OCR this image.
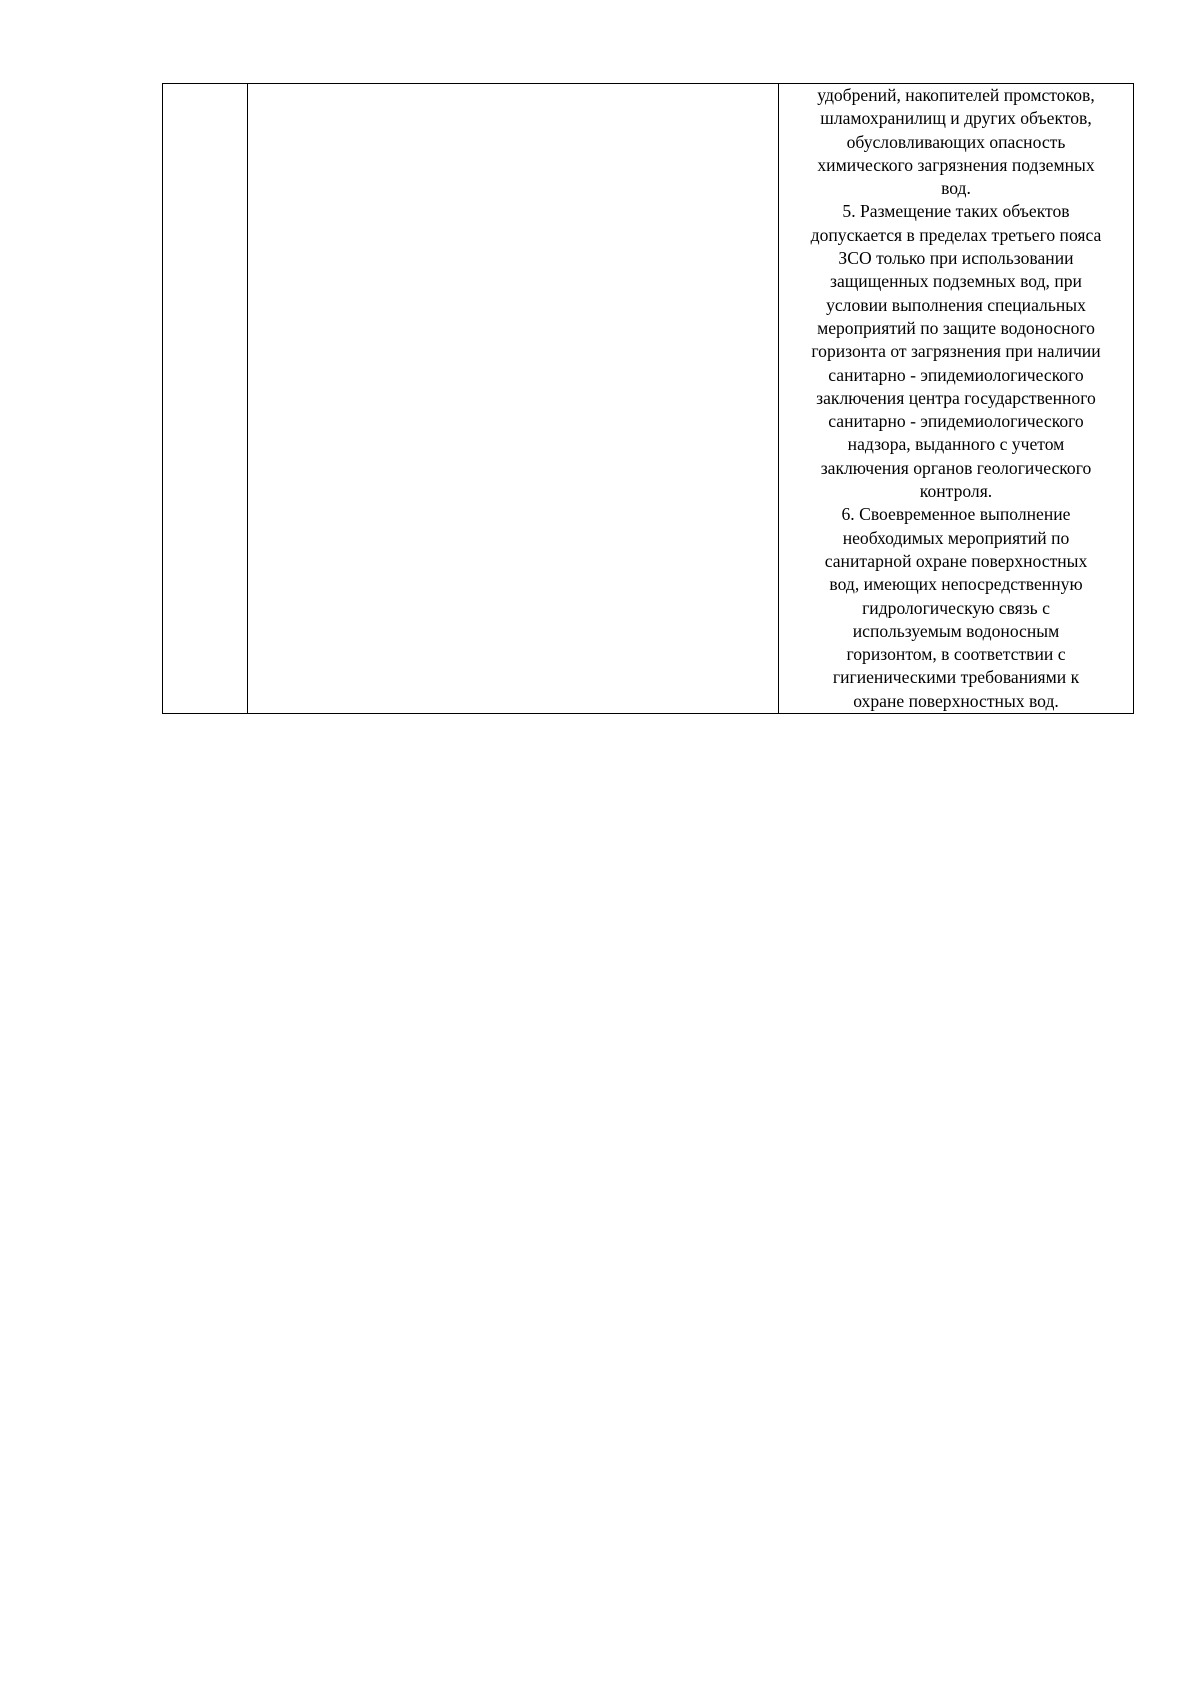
удобрений, накопителей промстоков,
шламохранилищ и других объектов,
обусловливающих опасность
химического загрязнения подземных
вод.

5. Размещение таких объектов
допускается в пределах третьего пояса
ЗСО только при использовании
защищенных подземных вод, при
условии выполнения специальных
мероприятий по защите водоносного
горизонта от загрязнения при наличии
санитарно - эпидемиологического
заключения центра государственного
санитарно - эпидемиологического
надзора, выданного с учетом
заключения органов геологического
контроля.

6. Своевременное выполнение
необходимых мероприятий по
санитарной охране поверхностных
вод, имеющих непосредственную
гидрологическую связь с
используемым водоносным
горизонтом, в соответствии с
гигиеническими требованиями к
охране поверхностных вод.
